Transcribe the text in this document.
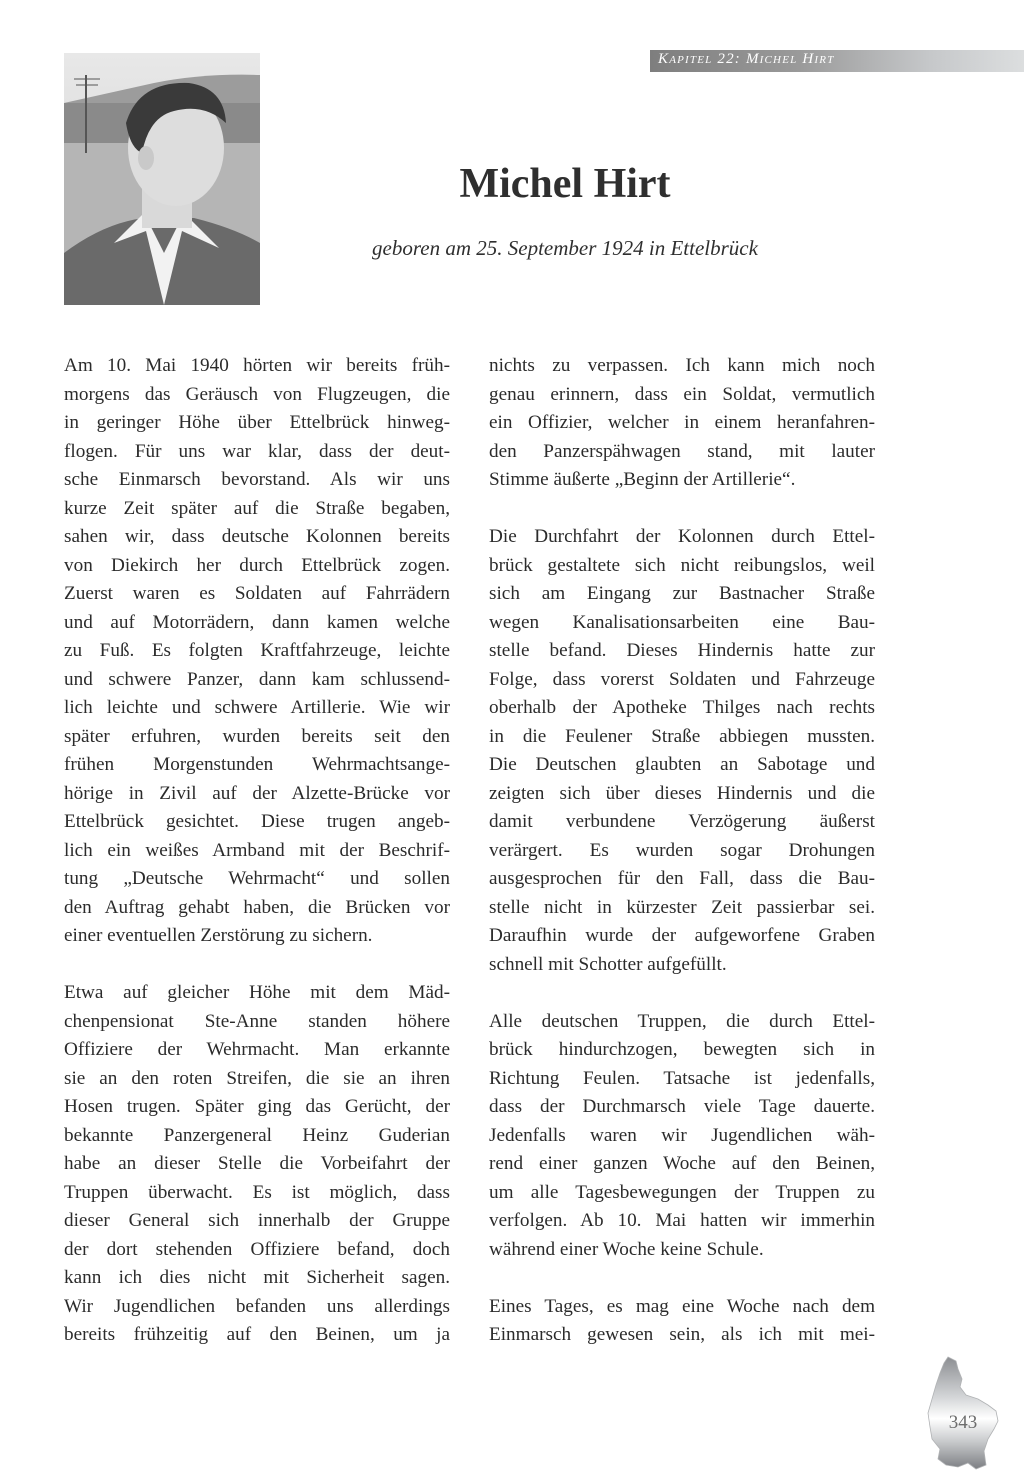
Kapitel 22: Michel Hirt
Michel Hirt

geboren am 25. September 1924 in Ettelbrück

Am 10. Mai 1940 hörten wir bereits früh-
morgens das Geräusch von Flugzeugen, die
in geringer Höhe über Ettelbrück hinweg-
flogen. Für uns war klar, dass der deut-
sche Einmarsch bevorstand. Als wir uns
kurze Zeit später auf die Straße begaben,
sahen wir, dass deutsche Kolonnen bereits
von Diekirch her durch Ettelbrück zogen.
Zuerst waren es Soldaten auf Fahrrädern
und auf Motorrädern, dann kamen welche
zu Fuß. Es folgten Kraftfahrzeuge, leichte
und schwere Panzer, dann kam schlussend-
lich leichte und schwere Artillerie. Wie wir
später erfuhren, wurden bereits seit den
frühen Morgenstunden Wehrmachtsange-
hörige in Zivil auf der Alzette-Brücke vor
Ettelbrück gesichtet. Diese trugen angeb-
lich ein weißes Armband mit der Beschrif-
tung „Deutsche Wehrmacht“ und sollen
den Auftrag gehabt haben, die Brücken vor
einer eventuellen Zerstörung zu sichern.

Etwa auf gleicher Höhe mit dem Mäd-
chenpensionat Ste-Anne standen höhere
Offiziere der Wehrmacht. Man erkannte
sie an den roten Streifen, die sie an ihren
Hosen trugen. Später ging das Gerücht, der
bekannte Panzergeneral Heinz Guderian
habe an dieser Stelle die Vorbeifahrt der
Truppen überwacht. Es ist möglich, dass
dieser General sich innerhalb der Gruppe
der dort stehenden Offiziere befand, doch
kann ich dies nicht mit Sicherheit sagen.
Wir Jugendlichen befanden uns allerdings
bereits frühzeitig auf den Beinen, um ja

nichts zu verpassen. Ich kann mich noch
genau erinnern, dass ein Soldat, vermutlich
ein Offizier, welcher in einem heranfahren-
den Panzerspähwagen stand, mit lauter
Stimme äußerte „Beginn der Artillerie“.

Die Durchfahrt der Kolonnen durch Ettel-
brück gestaltete sich nicht reibungslos, weil
sich am Eingang zur Bastnacher Straße
wegen Kanalisationsarbeiten eine Bau-
stelle befand. Dieses Hindernis hatte zur
Folge, dass vorerst Soldaten und Fahrzeuge
oberhalb der Apotheke Thilges nach rechts
in die Feulener Straße abbiegen mussten.
Die Deutschen glaubten an Sabotage und
zeigten sich über dieses Hindernis und die
damit verbundene Verzögerung äußerst
verärgert. Es wurden sogar Drohungen
ausgesprochen für den Fall, dass die Bau-
stelle nicht in kürzester Zeit passierbar sei.
Daraufhin wurde der aufgeworfene Graben
schnell mit Schotter aufgefüllt.

Alle deutschen Truppen, die durch Ettel-
brück hindurchzogen, bewegten sich in
Richtung Feulen. Tatsache ist jedenfalls,
dass der Durchmarsch viele Tage dauerte.
Jedenfalls waren wir Jugendlichen wäh-
rend einer ganzen Woche auf den Beinen,
um alle Tagesbewegungen der Truppen zu
verfolgen. Ab 10. Mai hatten wir immerhin
während einer Woche keine Schule.

Eines Tages, es mag eine Woche nach dem
Einmarsch gewesen sein, als ich mit mei-

343
